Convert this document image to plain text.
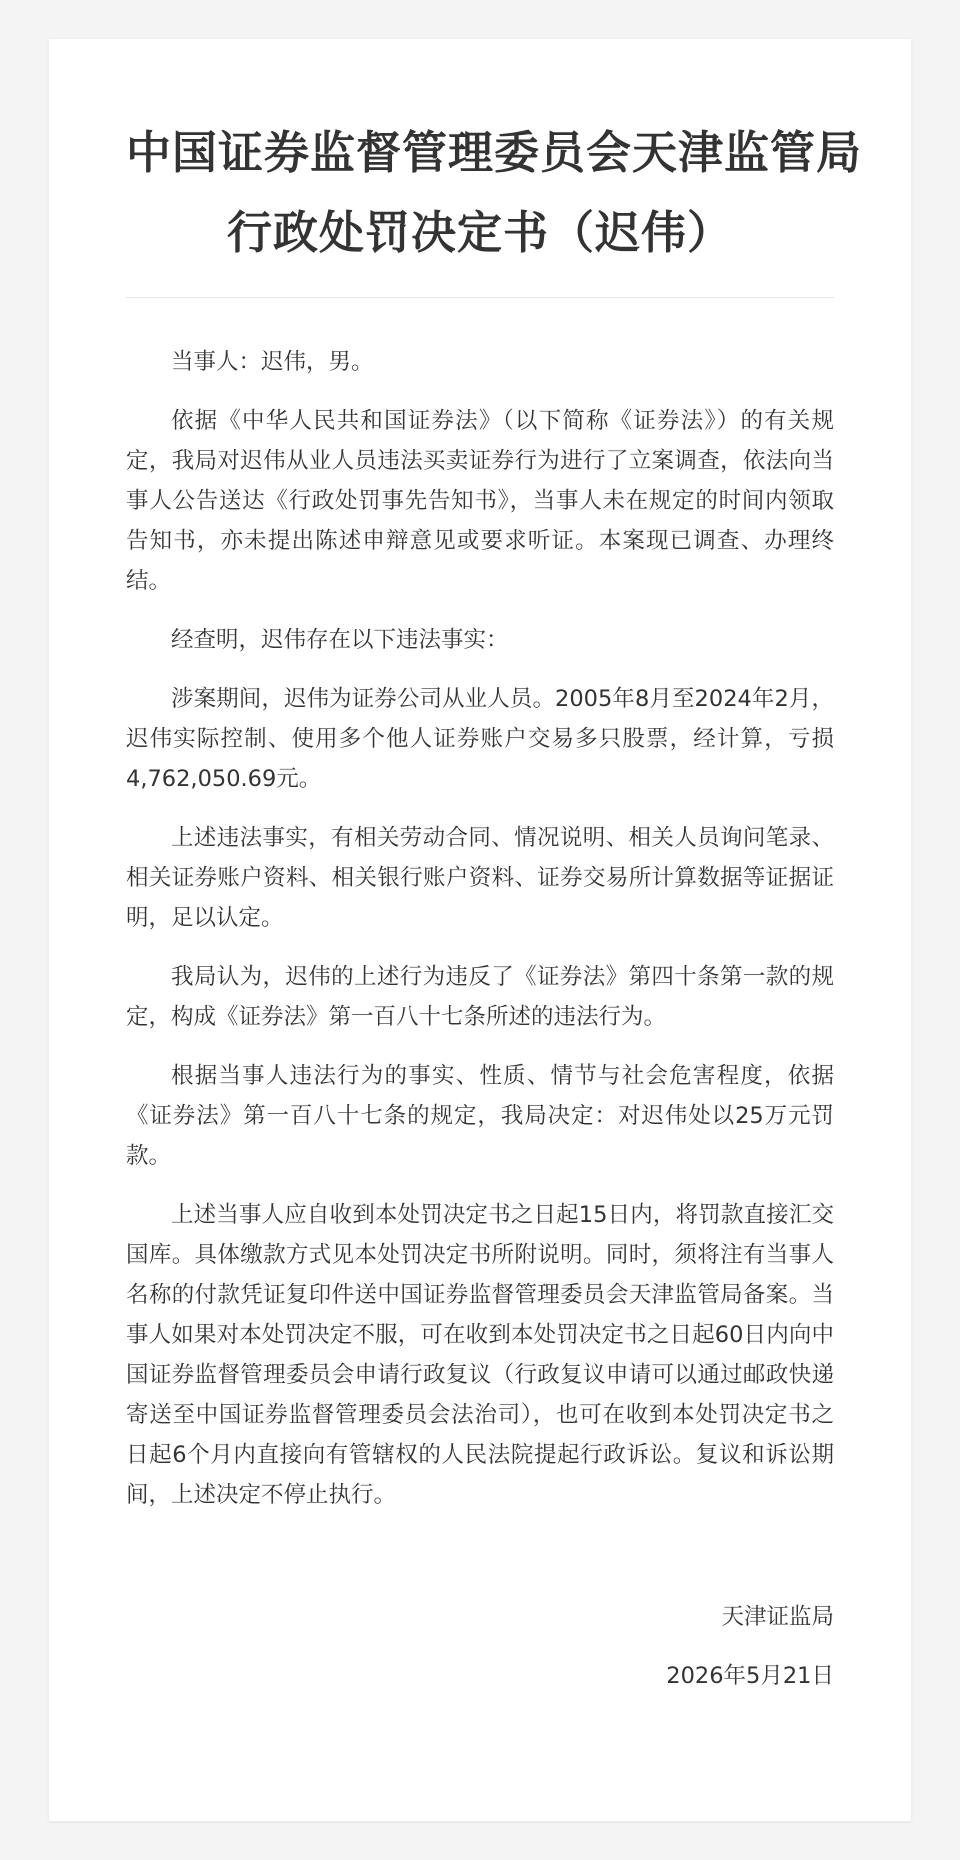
中国证券监督管理委员会天津监管局
行政处罚决定书（迟伟）

当事人：迟伟，男。

依据《中华人民共和国证券法》（以下简称《证券法》）的有关规定，我局对迟伟从业人员违法买卖证券行为进行了立案调查，依法向当事人公告送达《行政处罚事先告知书》，当事人未在规定的时间内领取告知书，亦未提出陈述申辩意见或要求听证。本案现已调查、办理终结。

经查明，迟伟存在以下违法事实：

涉案期间，迟伟为证券公司从业人员。2005年8月至2024年2月，迟伟实际控制、使用多个他人证券账户交易多只股票，经计算，亏损4,762,050.69元。

上述违法事实，有相关劳动合同、情况说明、相关人员询问笔录、相关证券账户资料、相关银行账户资料、证券交易所计算数据等证据证明，足以认定。

我局认为，迟伟的上述行为违反了《证券法》第四十条第一款的规定，构成《证券法》第一百八十七条所述的违法行为。

根据当事人违法行为的事实、性质、情节与社会危害程度，依据《证券法》第一百八十七条的规定，我局决定：对迟伟处以25万元罚款。

上述当事人应自收到本处罚决定书之日起15日内，将罚款直接汇交国库。具体缴款方式见本处罚决定书所附说明。同时，须将注有当事人名称的付款凭证复印件送中国证券监督管理委员会天津监管局备案。当事人如果对本处罚决定不服，可在收到本处罚决定书之日起60日内向中国证券监督管理委员会申请行政复议（行政复议申请可以通过邮政快递寄送至中国证券监督管理委员会法治司），也可在收到本处罚决定书之日起6个月内直接向有管辖权的人民法院提起行政诉讼。复议和诉讼期间，上述决定不停止执行。

天津证监局

2026年5月21日
